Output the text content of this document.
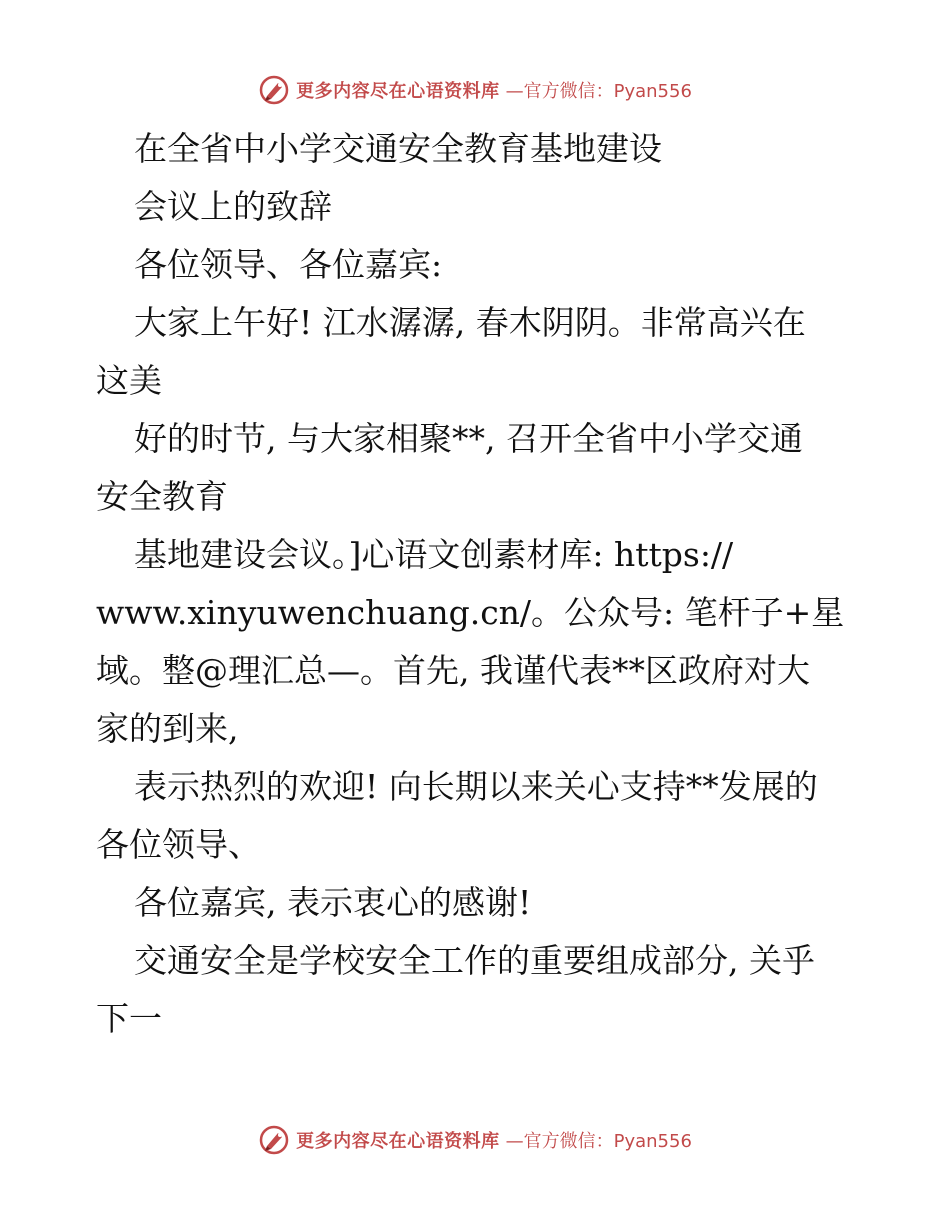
更多内容尽在心语资料库 —官方微信：Pyan556
在全省中小学交通安全教育基地建设
会议上的致辞
各位领导、各位嘉宾:
大家上午好! 江水潺潺, 春木阴阴。非常高兴在
这美
好的时节, 与大家相聚**, 召开全省中小学交通
安全教育
基地建设会议。]心语文创素材库: https://
www.xinyuwenchuang.cn/。公众号: 笔杆子+星
域。整@理汇总—。首先, 我谨代表**区政府对大
家的到来,
表示热烈的欢迎! 向长期以来关心支持**发展的
各位领导、
各位嘉宾, 表示衷心的感谢!
交通安全是学校安全工作的重要组成部分, 关乎
下一
更多内容尽在心语资料库 —官方微信：Pyan556
